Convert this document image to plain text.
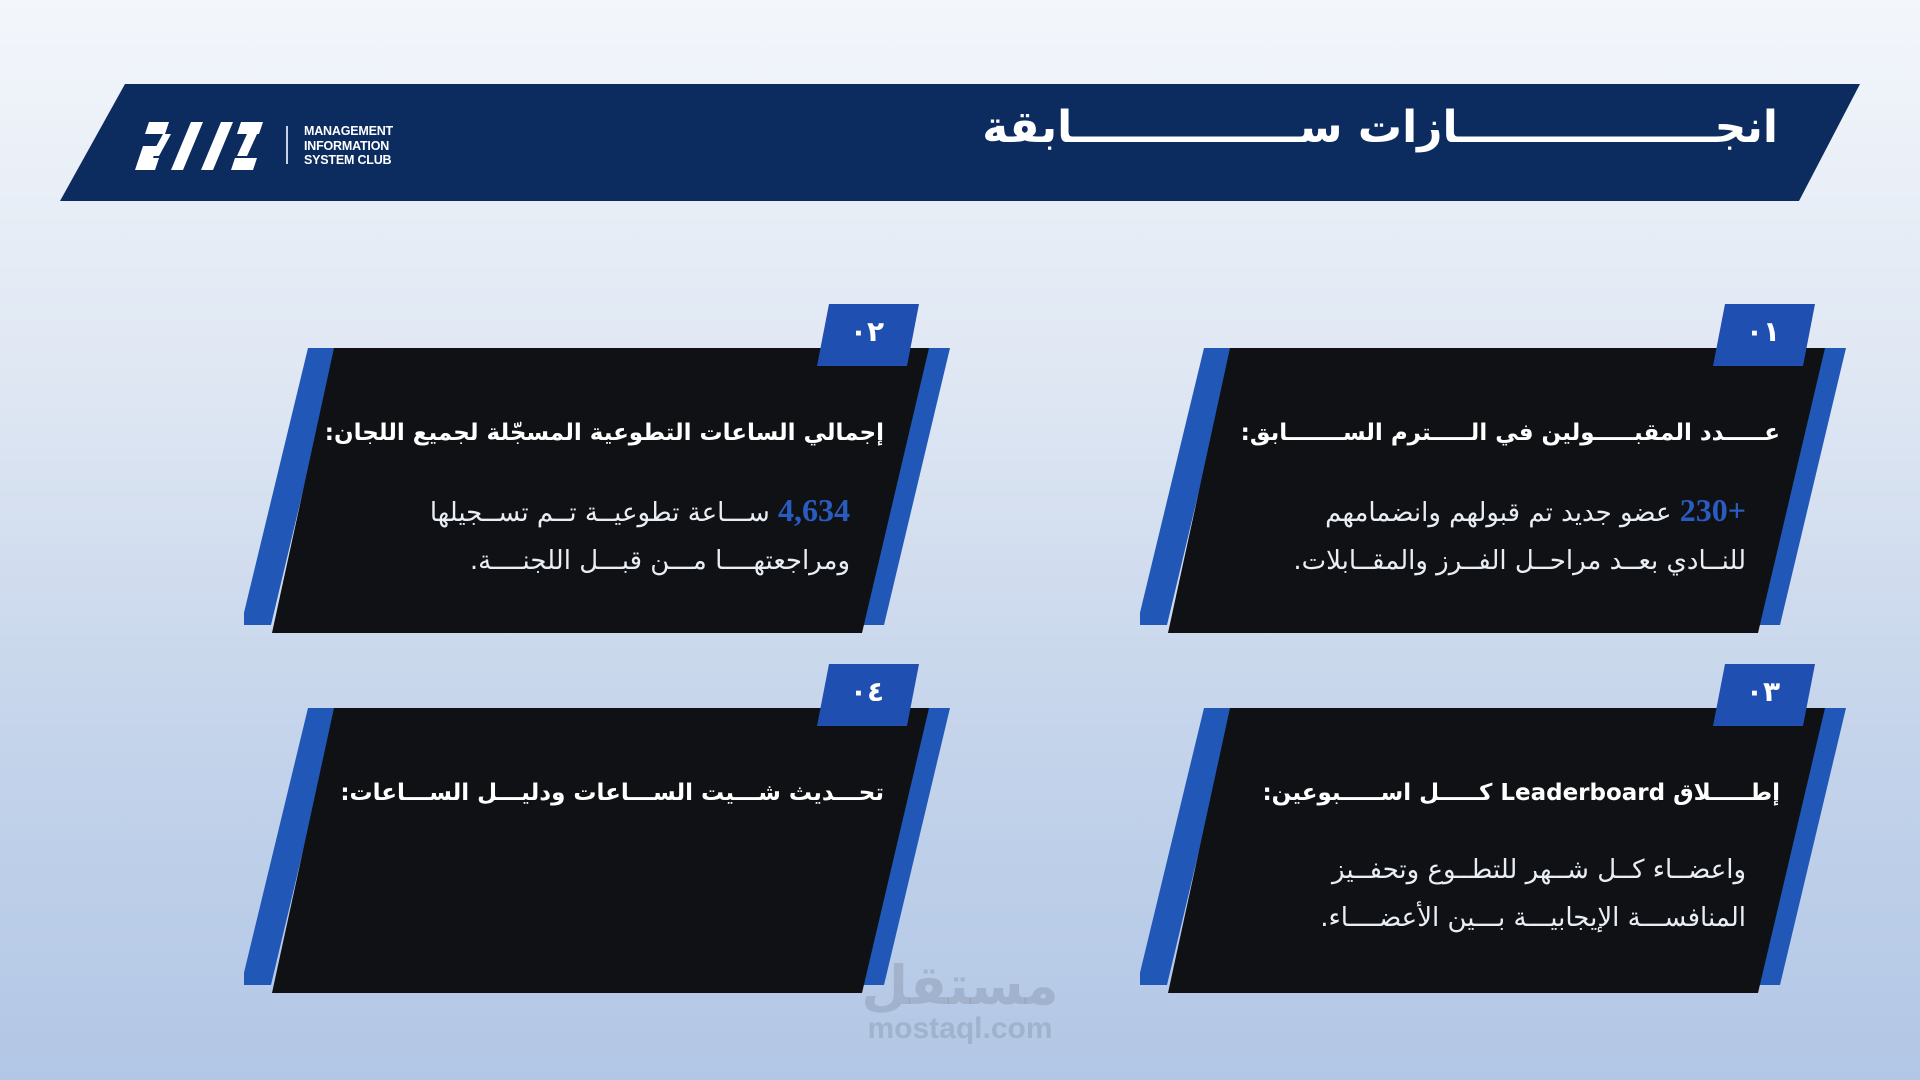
MANAGEMENT
INFORMATION
SYSTEM CLUB
انجـــــــــــــــــازات ســـــــــــــــابقة
٠١
عـــــدد المقبـــــولين في الـــــترم الســـــــابق:
+230 عضو جديد تم قبولهم وانضمامهم
للنــادي بعــد مراحــل الفــرز والمقــابلات.
٠٢
إجمالي الساعات التطوعية المسجّلة لجميع اللجان:
4,634 ســـاعة تطوعيــة تــم تســجيلها
ومراجعتهــــا مـــن قبـــل اللجنــــة.
٠٣
إطـــــلاق Leaderboard كـــــل اســـــبوعين:
واعضــاء كــل شــهر للتطــوع وتحفــيز
المنافســـة الإيجابيـــة بـــين الأعضــــاء.
٠٤
تحـــديث شـــيت الســـاعات ودليـــل الســـاعات:
مستقل
mostaql.com
